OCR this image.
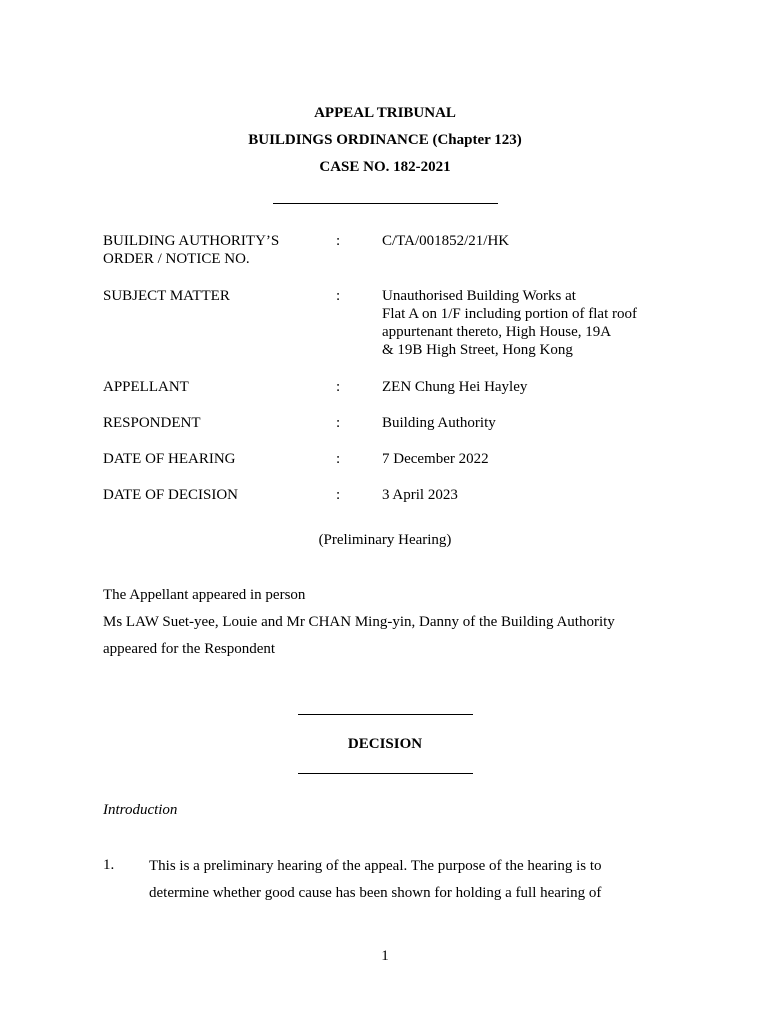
APPEAL TRIBUNAL
BUILDINGS ORDINANCE (Chapter 123)
CASE NO. 182-2021
BUILDING AUTHORITY’S
ORDER / NOTICE NO.
:	C/TA/001852/21/HK
SUBJECT MATTER	:	Unauthorised Building Works at
Flat A on 1/F including portion of flat roof
appurtenant thereto, High House, 19A
& 19B High Street, Hong Kong
APPELLANT	:	ZEN Chung Hei Hayley
RESPONDENT	:	Building Authority
DATE OF HEARING	:	7 December 2022
DATE OF DECISION	:	3 April 2023
(Preliminary Hearing)
The Appellant appeared in person
Ms LAW Suet-yee, Louie and Mr CHAN Ming-yin, Danny of the Building Authority
appeared for the Respondent
DECISION
Introduction
1. This is a preliminary hearing of the appeal. The purpose of the hearing is to
determine whether good cause has been shown for holding a full hearing of
1
